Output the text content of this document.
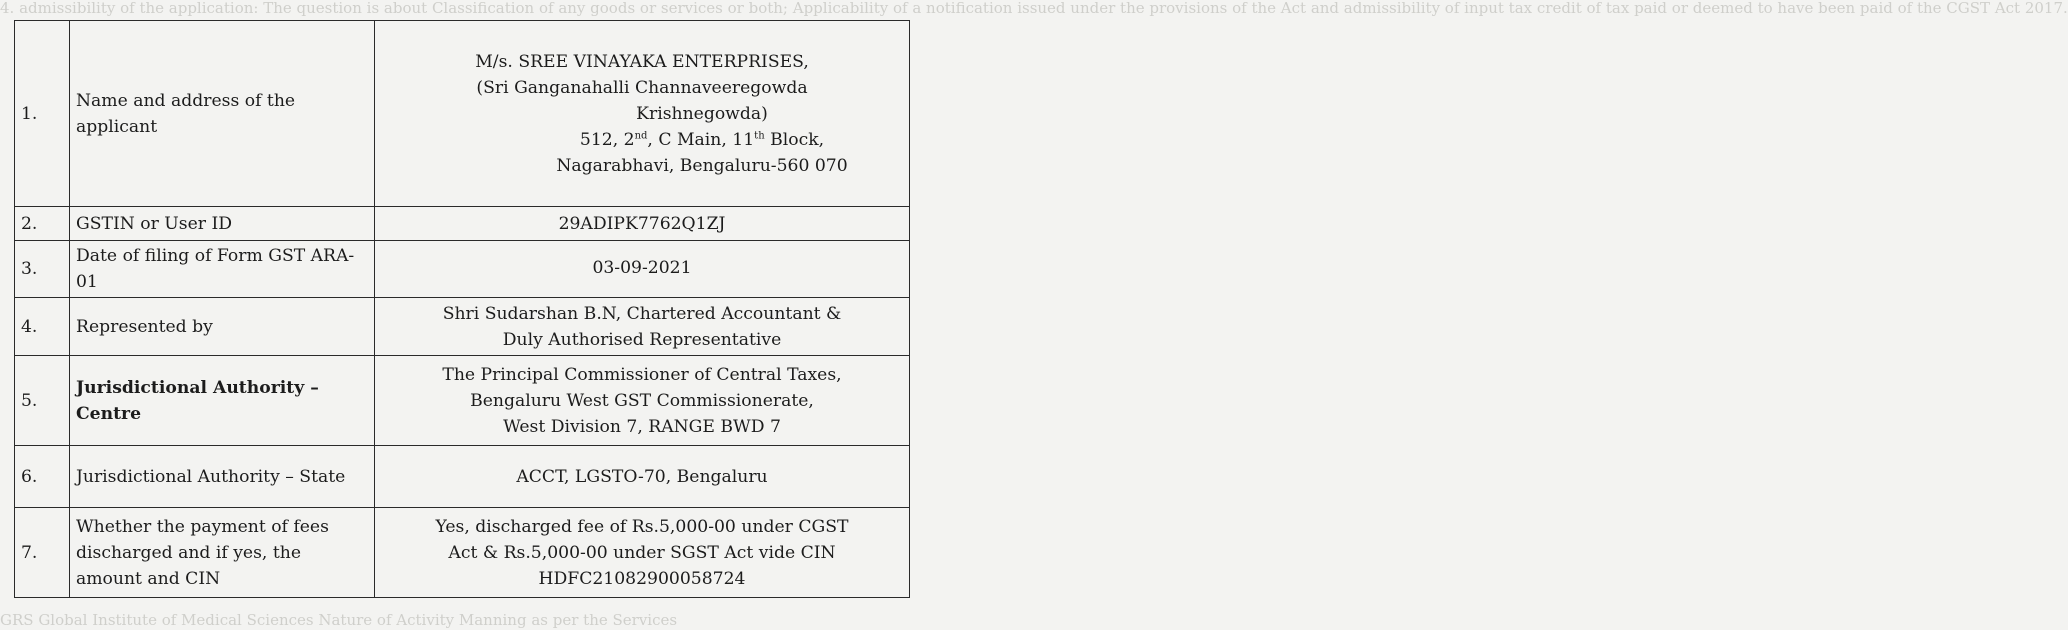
4. admissibility of the application: The question is about Classification of any goods or services or both; Applicability of a notification issued under the provisions of the Act and admissibility of input tax credit of tax paid or deemed to have been paid of the CGST Act 2017.
GRS Global Institute of Medical Sciences Nature of Activity Manning as per the Services
1.	Name and address of the applicant	M/s. SREE VINAYAKA ENTERPRISES,
(Sri Ganganahalli Channaveeregowda
Krishnegowda)
512, 2nd, C Main, 11th Block,
Nagarabhavi, Bengaluru-560 070

2.	GSTIN or User ID	29ADIPK7762Q1ZJ

3.	Date of filing of Form GST ARA-01	03-09-2021

4.	Represented by	Shri Sudarshan B.N, Chartered Accountant &
Duly Authorised Representative

5.	Jurisdictional Authority – Centre	The Principal Commissioner of Central Taxes,
Bengaluru West GST Commissionerate,
West Division 7, RANGE BWD 7

6.	Jurisdictional Authority – State	ACCT, LGSTO-70, Bengaluru

7.	Whether the payment of fees discharged and if yes, the amount and CIN	Yes, discharged fee of Rs.5,000-00 under CGST
Act & Rs.5,000-00 under SGST Act vide CIN
HDFC21082900058724
